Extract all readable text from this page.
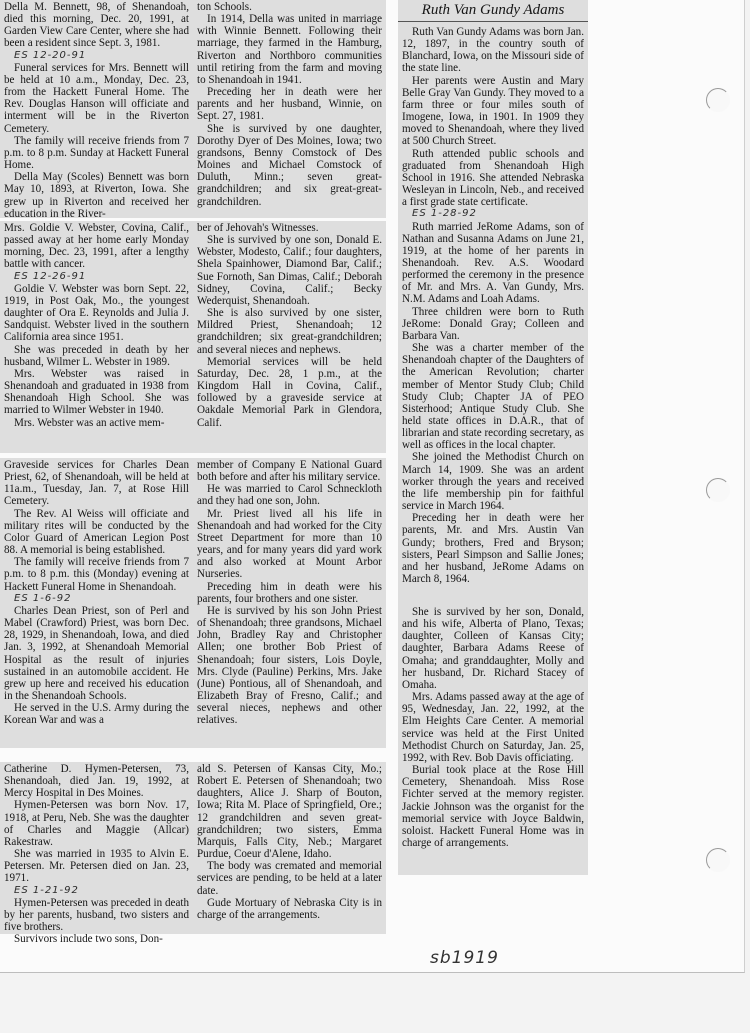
Della M. Bennett, 98, of Shenandoah, died this morning, Dec. 20, 1991, at Garden View Care Center, where she had been a resident since Sept. 3, 1981.

ES 12-20-91

Funeral services for Mrs. Bennett will be held at 10 a.m., Monday, Dec. 23, from the Hackett Funeral Home. The Rev. Douglas Hanson will officiate and interment will be in the Riverton Cemetery.

The family will receive friends from 7 p.m. to 8 p.m. Sunday at Hackett Funeral Home.

Della May (Scoles) Bennett was born May 10, 1893, at Riverton, Iowa. She grew up in Riverton and received her education in the River-

ton Schools.

In 1914, Della was united in marriage with Winnie Bennett. Following their marriage, they farmed in the Hamburg, Riverton and Northboro communities until retiring from the farm and moving to Shenandoah in 1941.

Preceding her in death were her parents and her husband, Winnie, on Sept. 27, 1981.

She is survived by one daughter, Dorothy Dyer of Des Moines, Iowa; two grandsons, Benny Comstock of Des Moines and Michael Comstock of Duluth, Minn.; seven great-grandchildren; and six great-great-grandchildren.

Mrs. Goldie V. Webster, Covina, Calif., passed away at her home early Monday morning, Dec. 23, 1991, after a lengthy battle with cancer.

ES 12-26-91

Goldie V. Webster was born Sept. 22, 1919, in Post Oak, Mo., the youngest daughter of Ora E. Reynolds and Julia J. Sandquist. Webster lived in the southern California area since 1951.

She was preceded in death by her husband, Wilmer L. Webster in 1989.

Mrs. Webster was raised in Shenandoah and graduated in 1938 from Shenandoah High School. She was married to Wilmer Webster in 1940.

Mrs. Webster was an active mem-

ber of Jehovah's Witnesses.

She is survived by one son, Donald E. Webster, Modesto, Calif.; four daughters, Shela Spainhower, Diamond Bar, Calif.; Sue Fornoth, San Dimas, Calif.; Deborah Sidney, Covina, Calif.; Becky Wederquist, Shenandoah.

She is also survived by one sister, Mildred Priest, Shenandoah; 12 grandchildren; six great-grandchildren; and several nieces and nephews.

Memorial services will be held Saturday, Dec. 28, 1 p.m., at the Kingdom Hall in Covina, Calif., followed by a graveside service at Oakdale Memorial Park in Glendora, Calif.

Graveside services for Charles Dean Priest, 62, of Shenandoah, will be held at 11a.m., Tuesday, Jan. 7, at Rose Hill Cemetery.

The Rev. Al Weiss will officiate and military rites will be conducted by the Color Guard of American Legion Post 88. A memorial is being established.

The family will receive friends from 7 p.m. to 8 p.m. this (Monday) evening at Hackett Funeral Home in Shenandoah.

ES 1-6-92

Charles Dean Priest, son of Perl and Mabel (Crawford) Priest, was born Dec. 28, 1929, in Shenandoah, Iowa, and died Jan. 3, 1992, at Shenandoah Memorial Hospital as the result of injuries sustained in an automobile accident. He grew up here and received his education in the Shenandoah Schools.

He served in the U.S. Army during the Korean War and was a

member of Company E National Guard both before and after his military service.

He was married to Carol Schneckloth and they had one son, John.

Mr. Priest lived all his life in Shenandoah and had worked for the City Street Department for more than 10 years, and for many years did yard work and also worked at Mount Arbor Nurseries.

Preceding him in death were his parents, four brothers and one sister.

He is survived by his son John Priest of Shenandoah; three grandsons, Michael John, Bradley Ray and Christopher Allen; one brother Bob Priest of Shenandoah; four sisters, Lois Doyle, Mrs. Clyde (Pauline) Perkins, Mrs. Jake (June) Pontious, all of Shenandoah, and Elizabeth Bray of Fresno, Calif.; and several nieces, nephews and other relatives.

Catherine D. Hymen-Petersen, 73, Shenandoah, died Jan. 19, 1992, at Mercy Hospital in Des Moines.

Hymen-Petersen was born Nov. 17, 1918, at Peru, Neb. She was the daughter of Charles and Maggie (Allcar) Rakestraw.

She was married in 1935 to Alvin E. Petersen. Mr. Petersen died on Jan. 23, 1971.

ES 1-21-92

Hymen-Petersen was preceded in death by her parents, husband, two sisters and five brothers.

Survivors include two sons, Don-

ald S. Petersen of Kansas City, Mo.; Robert E. Petersen of Shenandoah; two daughters, Alice J. Sharp of Bouton, Iowa; Rita M. Place of Springfield, Ore.; 12 grandchildren and seven great-grandchildren; two sisters, Emma Marquis, Falls City, Neb.; Margaret Purdue, Coeur d'Alene, Idaho.

The body was cremated and memorial services are pending, to be held at a later date.

Gude Mortuary of Nebraska City is in charge of the arrangements.

Ruth Van Gundy Adams

Ruth Van Gundy Adams was born Jan. 12, 1897, in the country south of Blanchard, Iowa, on the Missouri side of the state line.

Her parents were Austin and Mary Belle Gray Van Gundy. They moved to a farm three or four miles south of Imogene, Iowa, in 1901. In 1909 they moved to Shenandoah, where they lived at 500 Church Street.

Ruth attended public schools and graduated from Shenandoah High School in 1916. She attended Nebraska Wesleyan in Lincoln, Neb., and received a first grade state certificate.

ES 1-28-92

Ruth married JeRome Adams, son of Nathan and Susanna Adams on June 21, 1919, at the home of her parents in Shenandoah. Rev. A.S. Woodard performed the ceremony in the presence of Mr. and Mrs. A. Van Gundy, Mrs. N.M. Adams and Loah Adams.

Three children were born to Ruth JeRome: Donald Gray; Colleen and Barbara Van.

She was a charter member of the Shenandoah chapter of the Daughters of the American Revolution; charter member of Mentor Study Club; Child Study Club; Chapter JA of PEO Sisterhood; Antique Study Club. She held state offices in D.A.R., that of librarian and state recording secretary, as well as offices in the local chapter.

She joined the Methodist Church on March 14, 1909. She was an ardent worker through the years and received the life membership pin for faithful service in March 1964.

Preceding her in death were her parents, Mr. and Mrs. Austin Van Gundy; brothers, Fred and Bryson; sisters, Pearl Simpson and Sallie Jones; and her husband, JeRome Adams on March 8, 1964.

She is survived by her son, Donald, and his wife, Alberta of Plano, Texas; daughter, Colleen of Kansas City; daughter, Barbara Adams Reese of Omaha; and granddaughter, Molly and her husband, Dr. Richard Stacey of Omaha.

Mrs. Adams passed away at the age of 95, Wednesday, Jan. 22, 1992, at the Elm Heights Care Center. A memorial service was held at the First United Methodist Church on Saturday, Jan. 25, 1992, with Rev. Bob Davis officiating.

Burial took place at the Rose Hill Cemetery, Shenandoah. Miss Rose Fichter served at the memory register. Jackie Johnson was the organist for the memorial service with Joyce Baldwin, soloist. Hackett Funeral Home was in charge of arrangements.

sb1919
